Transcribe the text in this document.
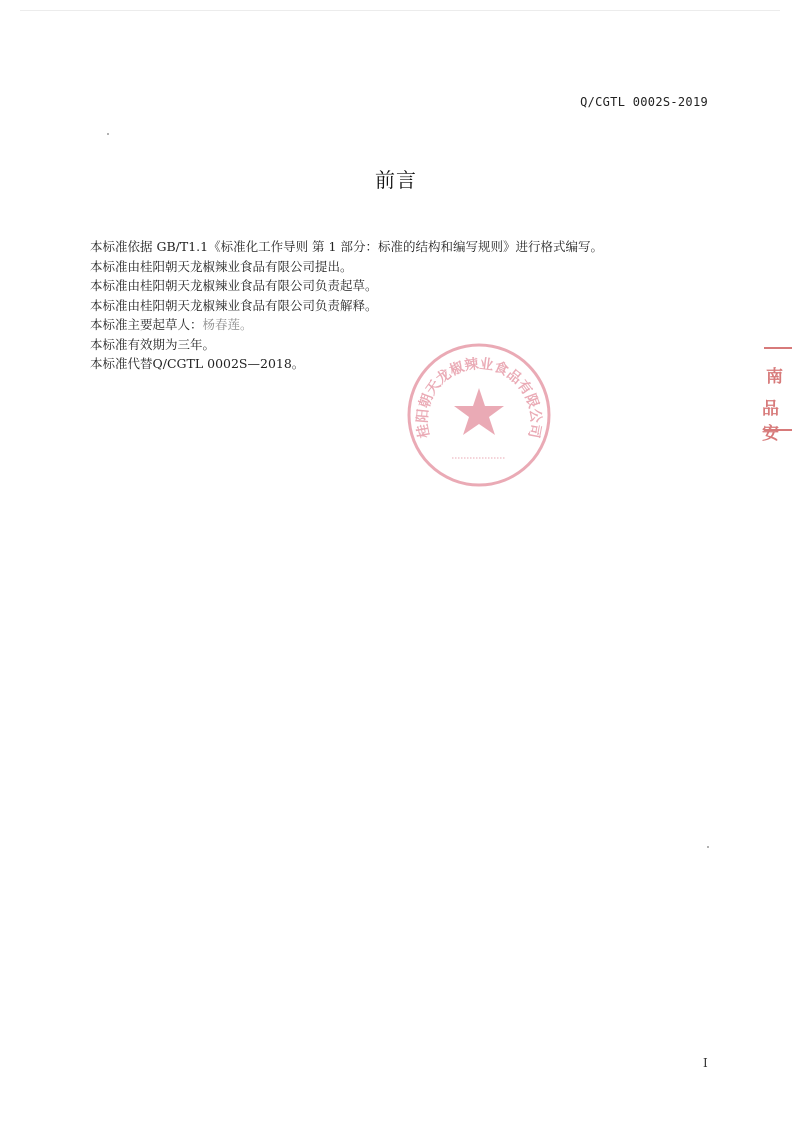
Q/CGTL 0002S-2019
前言
本标准依据 GB/T1.1《标准化工作导则 第 1 部分：标准的结构和编写规则》进行格式编写。
本标准由桂阳朝天龙椒辣业食品有限公司提出。
本标准由桂阳朝天龙椒辣业食品有限公司负责起草。
本标准由桂阳朝天龙椒辣业食品有限公司负责解释。
本标准主要起草人：杨春莲。
本标准有效期为三年。
本标准代替Q/CGTL 0002S—2018。
桂阳朝天龙椒辣业食品有限公司
南
品安
I
